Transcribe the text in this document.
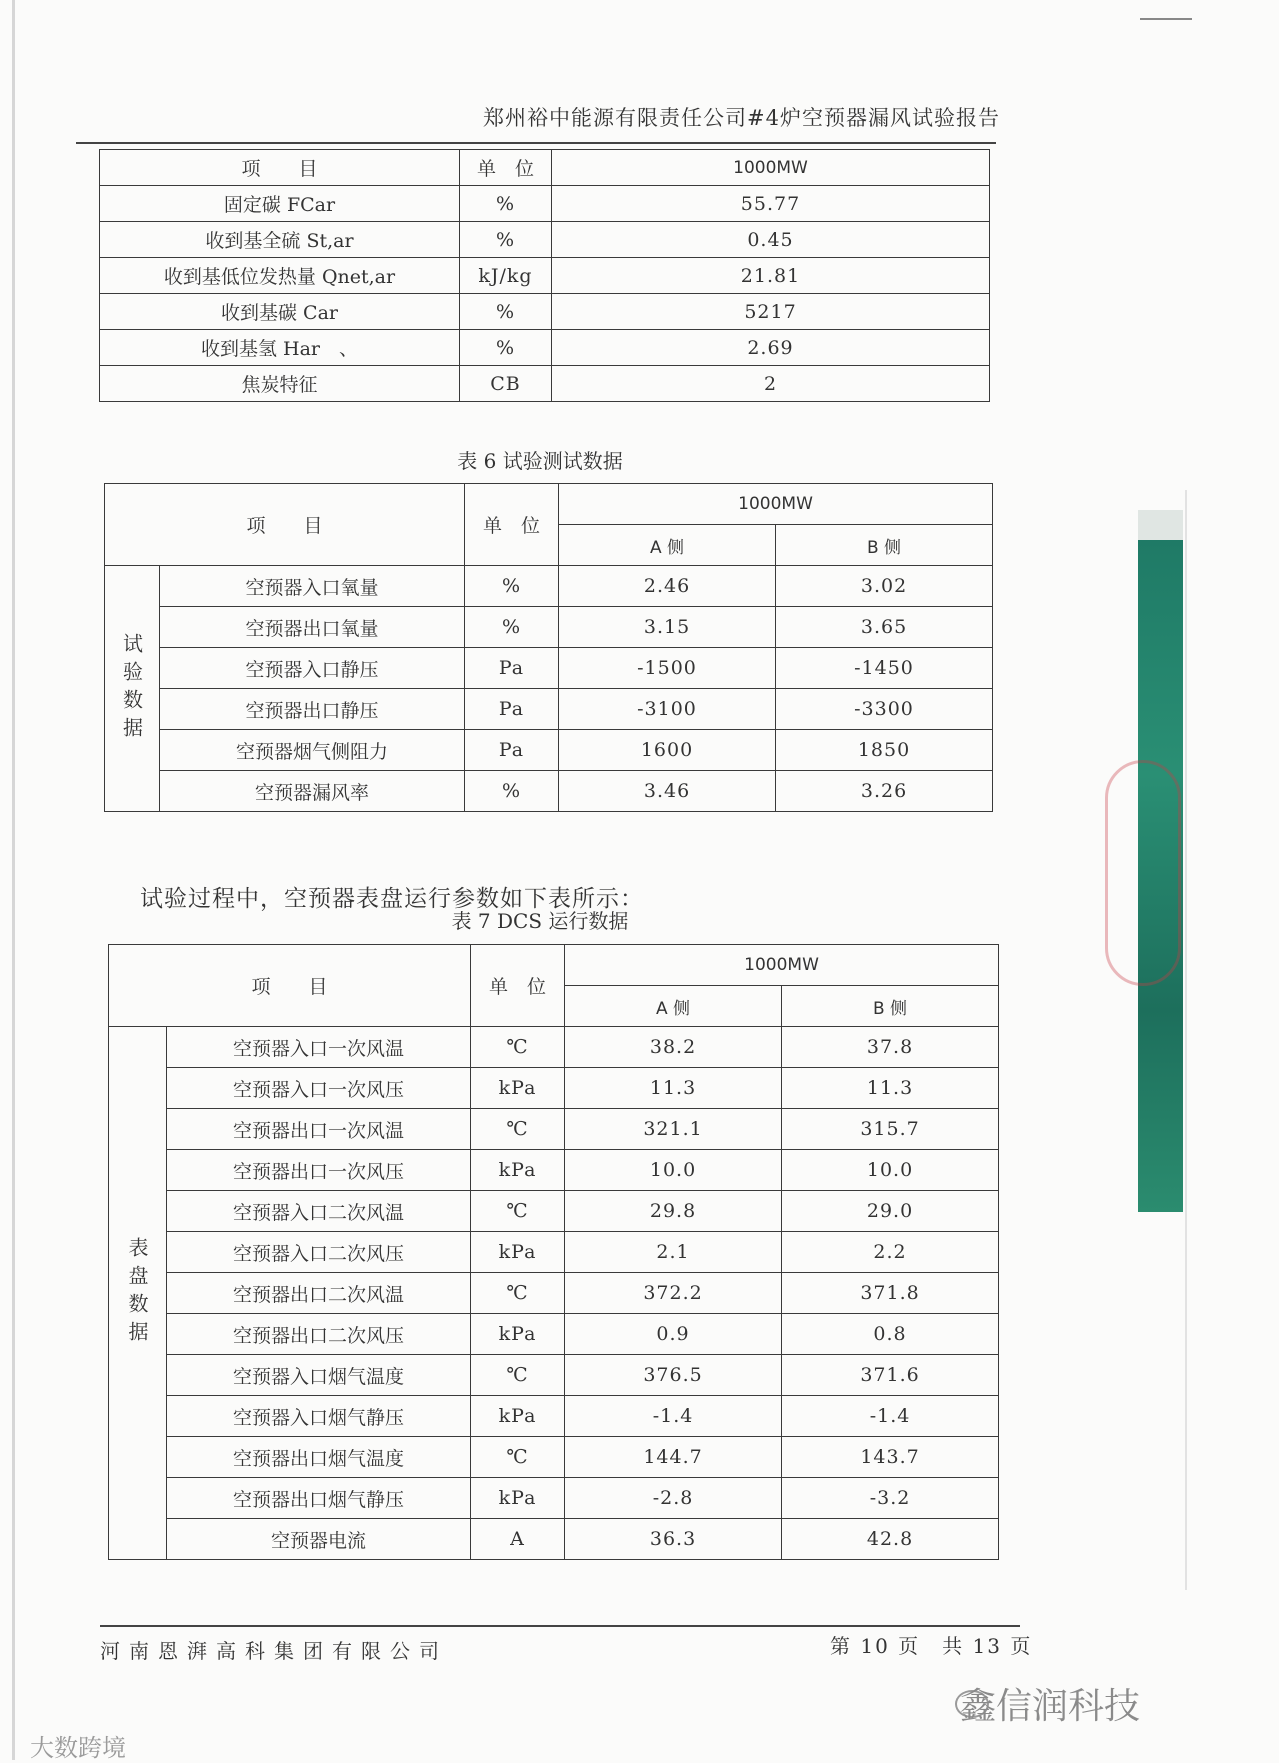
郑州裕中能源有限责任公司#4炉空预器漏风试验报告
项　　目	单　位	1000MW
固定碳 FCar	%	55.77
收到基全硫 St,ar	%	0.45
收到基低位发热量 Qnet,ar	kJ/kg	21.81
收到基碳 Car	%	5217
收到基氢 Har　、	%	2.69
焦炭特征	CB	2
表 6 试验测试数据
项　　目		单　位	1000MW	
			A 侧	B 侧
试验数据	空预器入口氧量	%	2.46	3.02
	空预器出口氧量	%	3.15	3.65
	空预器入口静压	Pa	-1500	-1450
	空预器出口静压	Pa	-3100	-3300
	空预器烟气侧阻力	Pa	1600	1850
	空预器漏风率	%	3.46	3.26
试验过程中，空预器表盘运行参数如下表所示：
表 7 DCS 运行数据
项　　目		单　位	1000MW	
			A 侧	B 侧
表盘数据	空预器入口一次风温	℃	38.2	37.8
	空预器入口一次风压	kPa	11.3	11.3
	空预器出口一次风温	℃	321.1	315.7
	空预器出口一次风压	kPa	10.0	10.0
	空预器入口二次风温	℃	29.8	29.0
	空预器入口二次风压	kPa	2.1	2.2
	空预器出口二次风温	℃	372.2	371.8
	空预器出口二次风压	kPa	0.9	0.8
	空预器入口烟气温度	℃	376.5	371.6
	空预器入口烟气静压	kPa	-1.4	-1.4
	空预器出口烟气温度	℃	144.7	143.7
	空预器出口烟气静压	kPa	-2.8	-3.2
	空预器电流	A	36.3	42.8
河南恩湃高科集团有限公司	第 10 页　共 13 页
鑫信润科技
大数跨境
